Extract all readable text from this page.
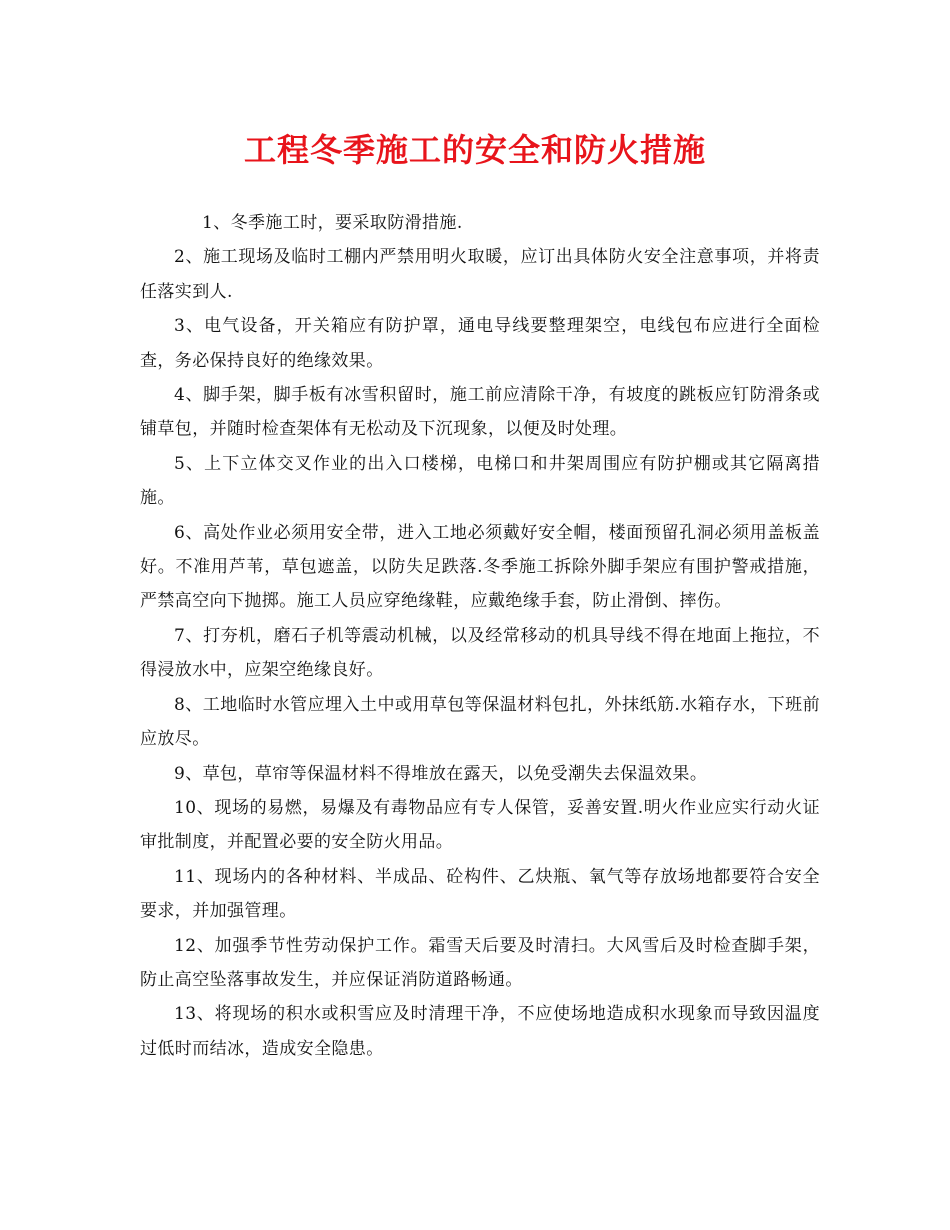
工程冬季施工的安全和防火措施

1、冬季施工时，要采取防滑措施.

2、施工现场及临时工棚内严禁用明火取暖，应订出具体防火安全注意事项，并将责任落实到人.

3、电气设备，开关箱应有防护罩，通电导线要整理架空，电线包布应进行全面检查，务必保持良好的绝缘效果。

4、脚手架，脚手板有冰雪积留时，施工前应清除干净，有坡度的跳板应钉防滑条或铺草包，并随时检查架体有无松动及下沉现象，以便及时处理。

5、上下立体交叉作业的出入口楼梯，电梯口和井架周围应有防护棚或其它隔离措施。

6、高处作业必须用安全带，进入工地必须戴好安全帽，楼面预留孔洞必须用盖板盖好。不准用芦苇，草包遮盖，以防失足跌落.冬季施工拆除外脚手架应有围护警戒措施，严禁高空向下抛掷。施工人员应穿绝缘鞋，应戴绝缘手套，防止滑倒、摔伤。

7、打夯机，磨石子机等震动机械，以及经常移动的机具导线不得在地面上拖拉，不得浸放水中，应架空绝缘良好。

8、工地临时水管应埋入土中或用草包等保温材料包扎，外抹纸筋.水箱存水，下班前应放尽。

9、草包，草帘等保温材料不得堆放在露天，以免受潮失去保温效果。

10、现场的易燃，易爆及有毒物品应有专人保管，妥善安置.明火作业应实行动火证审批制度，并配置必要的安全防火用品。

11、现场内的各种材料、半成品、砼构件、乙炔瓶、氧气等存放场地都要符合安全要求，并加强管理。

12、加强季节性劳动保护工作。霜雪天后要及时清扫。大风雪后及时检查脚手架，防止高空坠落事故发生，并应保证消防道路畅通。

13、将现场的积水或积雪应及时清理干净，不应使场地造成积水现象而导致因温度过低时而结冰，造成安全隐患。
